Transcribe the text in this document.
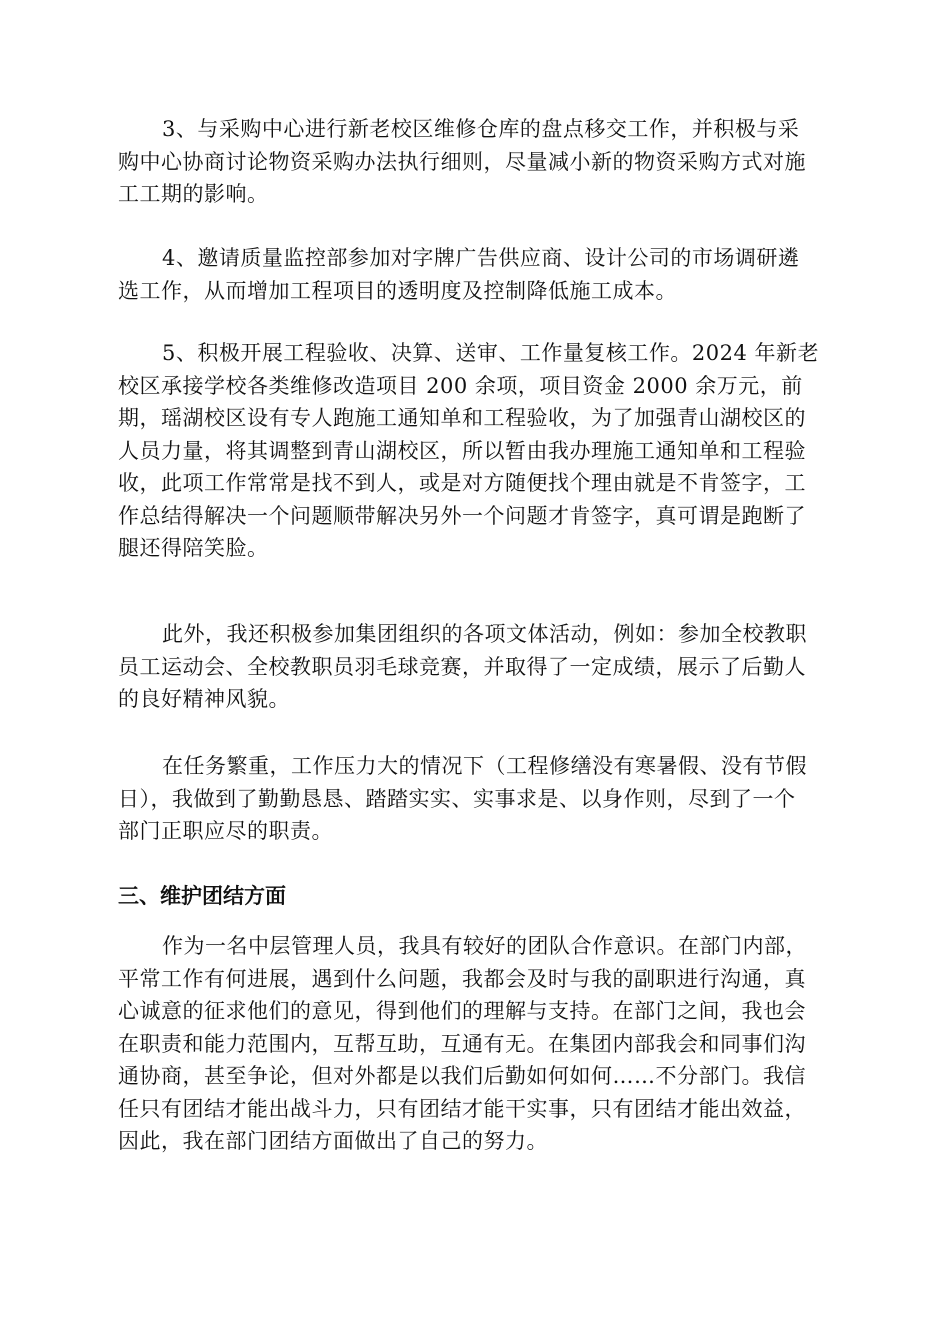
3、与采购中心进行新老校区维修仓库的盘点移交工作，并积极与采
购中心协商讨论物资采购办法执行细则，尽量减小新的物资采购方式对施
工工期的影响。
4、邀请质量监控部参加对字牌广告供应商、设计公司的市场调研遴
选工作，从而增加工程项目的透明度及控制降低施工成本。
5、积极开展工程验收、决算、送审、工作量复核工作。2024 年新老
校区承接学校各类维修改造项目 200 余项，项目资金 2000 余万元，前
期，瑶湖校区设有专人跑施工通知单和工程验收，为了加强青山湖校区的
人员力量，将其调整到青山湖校区，所以暂由我办理施工通知单和工程验
收，此项工作常常是找不到人，或是对方随便找个理由就是不肯签字，工
作总结得解决一个问题顺带解决另外一个问题才肯签字，真可谓是跑断了
腿还得陪笑脸。
此外，我还积极参加集团组织的各项文体活动，例如：参加全校教职
员工运动会、全校教职员羽毛球竞赛，并取得了一定成绩，展示了后勤人
的良好精神风貌。
在任务繁重，工作压力大的情况下（工程修缮没有寒暑假、没有节假
日），我做到了勤勤恳恳、踏踏实实、实事求是、以身作则，尽到了一个
部门正职应尽的职责。
三、维护团结方面
作为一名中层管理人员，我具有较好的团队合作意识。在部门内部，
平常工作有何进展，遇到什么问题，我都会及时与我的副职进行沟通，真
心诚意的征求他们的意见，得到他们的理解与支持。在部门之间，我也会
在职责和能力范围内，互帮互助，互通有无。在集团内部我会和同事们沟
通协商，甚至争论，但对外都是以我们后勤如何如何……不分部门。我信
任只有团结才能出战斗力，只有团结才能干实事，只有团结才能出效益，
因此，我在部门团结方面做出了自己的努力。
